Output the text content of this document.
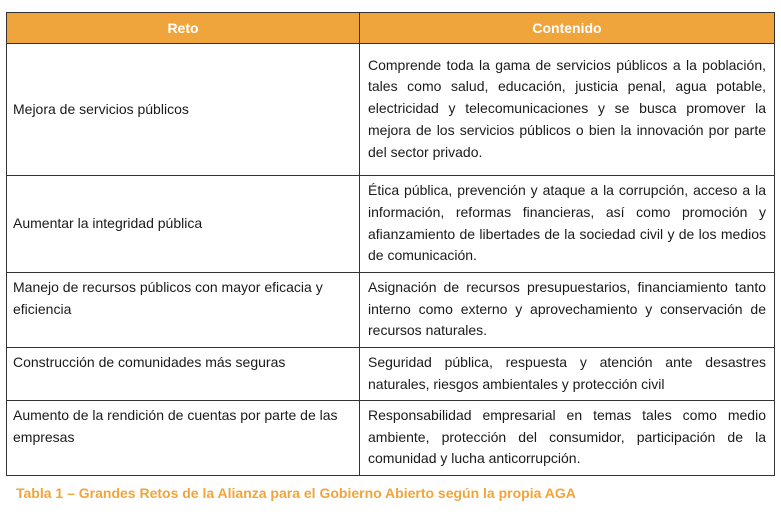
Reto	Contenido
Mejora de servicios públicos	Comprende toda la gama de servicios públicos a la población, tales como salud, educación, justicia penal, agua potable, electricidad y telecomunicaciones y se busca promover la mejora de los servicios públicos o bien la innovación por parte del sector privado.
Aumentar la integridad pública	Ética pública, prevención y ataque a la corrupción, acceso a la información, reformas financieras, así como promoción y afianzamiento de libertades de la sociedad civil y de los medios de comunicación.
Manejo de recursos públicos con mayor eficacia y eficiencia	Asignación de recursos presupuestarios, financiamiento tanto interno como externo y aprovechamiento y conservación de recursos naturales.
Construcción de comunidades más seguras	Seguridad pública, respuesta y atención ante desastres naturales, riesgos ambientales y protección civil
Aumento de la rendición de cuentas por parte de las empresas	Responsabilidad empresarial en temas tales como medio ambiente, protección del consumidor, participación de la comunidad y lucha anticorrupción.
Tabla 1 – Grandes Retos de la Alianza para el Gobierno Abierto según la propia AGA
